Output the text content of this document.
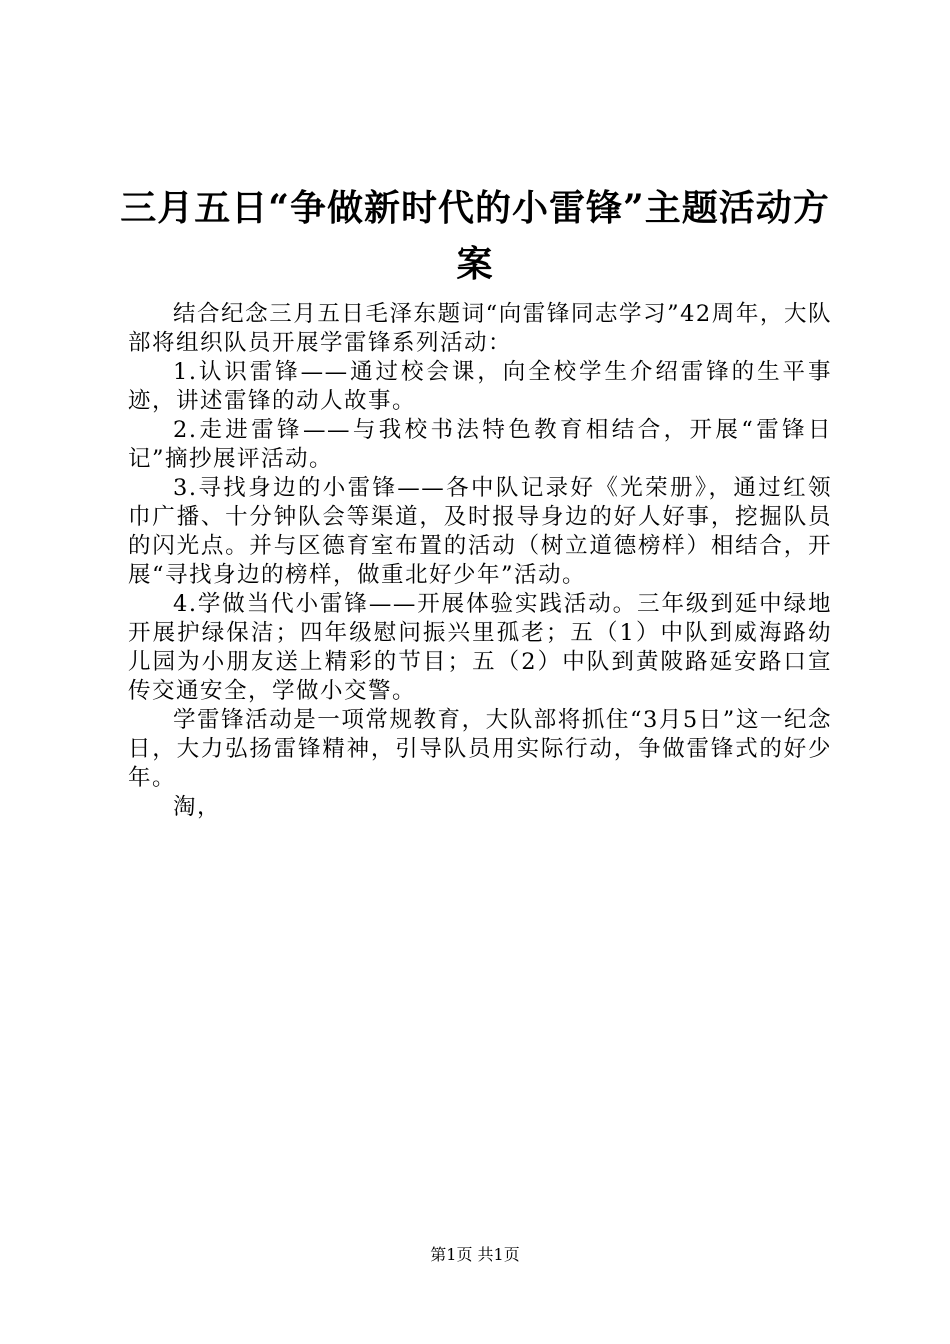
三月五日“争做新时代的小雷锋”主题活动方案

结合纪念三月五日毛泽东题词“向雷锋同志学习”42周年，大队部将组织队员开展学雷锋系列活动：

1.认识雷锋——通过校会课，向全校学生介绍雷锋的生平事迹，讲述雷锋的动人故事。

2.走进雷锋——与我校书法特色教育相结合，开展“雷锋日记”摘抄展评活动。

3.寻找身边的小雷锋——各中队记录好《光荣册》，通过红领巾广播、十分钟队会等渠道，及时报导身边的好人好事，挖掘队员的闪光点。并与区德育室布置的活动（树立道德榜样）相结合，开展“寻找身边的榜样，做重北好少年”活动。

4.学做当代小雷锋——开展体验实践活动。三年级到延中绿地开展护绿保洁；四年级慰问振兴里孤老；五（1）中队到威海路幼儿园为小朋友送上精彩的节目；五（2）中队到黄陂路延安路口宣传交通安全，学做小交警。

学雷锋活动是一项常规教育，大队部将抓住“3月5日”这一纪念日，大力弘扬雷锋精神，引导队员用实际行动，争做雷锋式的好少年。

淘，

第1页 共1页
